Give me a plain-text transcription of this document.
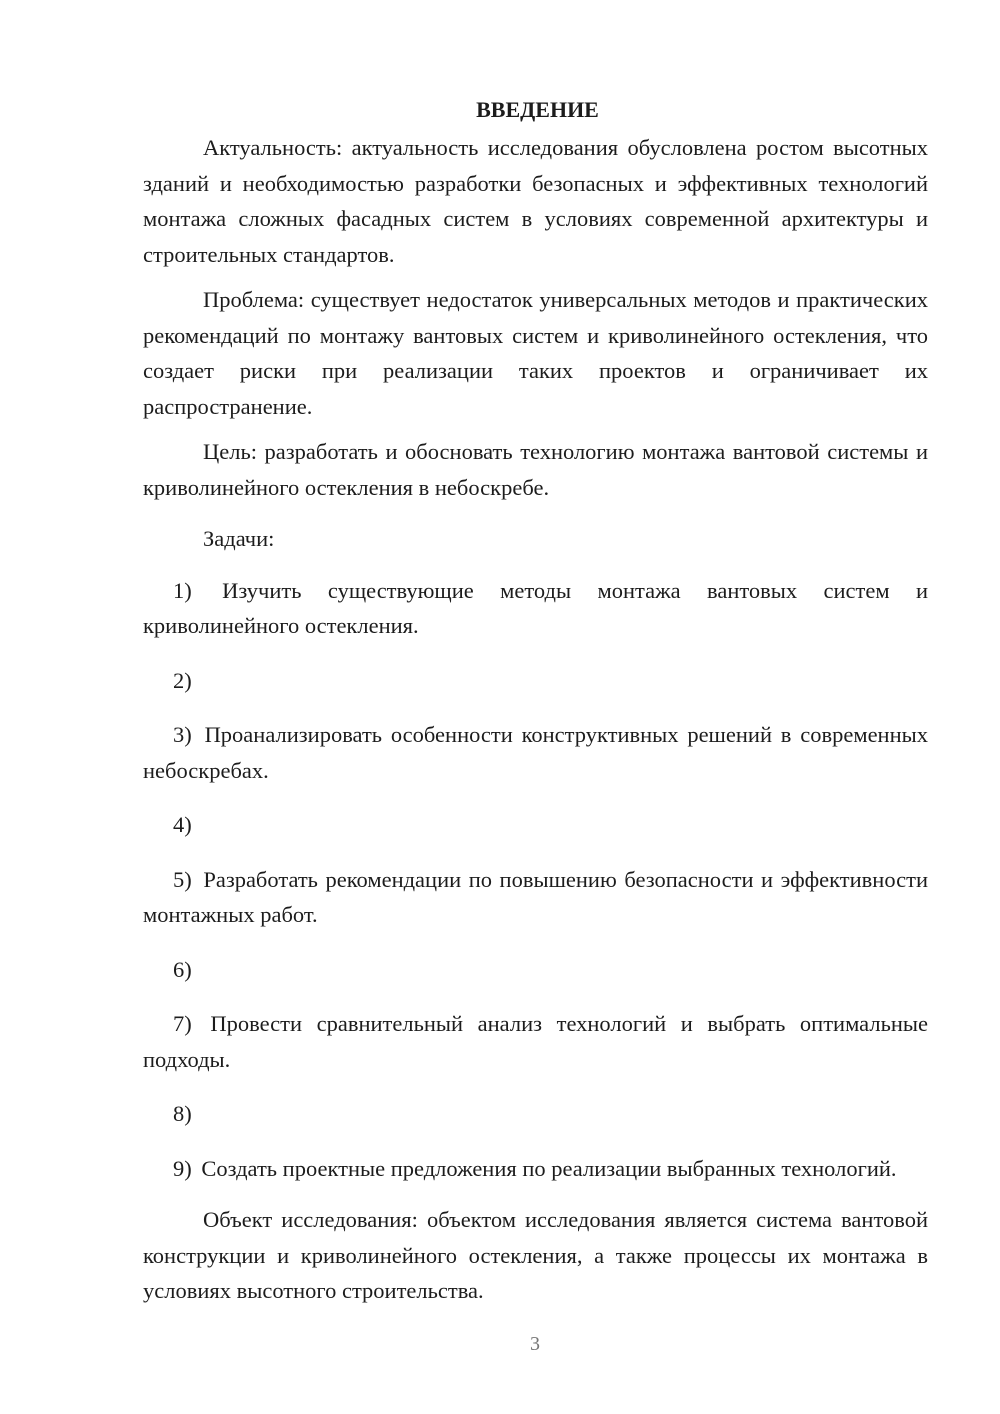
ВВЕДЕНИЕ

Актуальность: актуальность исследования обусловлена ростом высотных зданий и необходимостью разработки безопасных и эффективных технологий монтажа сложных фасадных систем в условиях современной архитектуры и строительных стандартов.

Проблема: существует недостаток универсальных методов и практических рекомендаций по монтажу вантовых систем и криволинейного остекления, что создает риски при реализации таких проектов и ограничивает их распространение.

Цель: разработать и обосновать технологию монтажа вантовой системы и криволинейного остекления в небоскребе.

Задачи:

1) Изучить существующие методы монтажа вантовых систем и криволинейного остекления.

2)

3) Проанализировать особенности конструктивных решений в современных небоскребах.

4)

5) Разработать рекомендации по повышению безопасности и эффективности монтажных работ.

6)

7) Провести сравнительный анализ технологий и выбрать оптимальные подходы.

8)

9) Создать проектные предложения по реализации выбранных технологий.

Объект исследования: объектом исследования является система вантовой конструкции и криволинейного остекления, а также процессы их монтажа в условиях высотного строительства.

3
